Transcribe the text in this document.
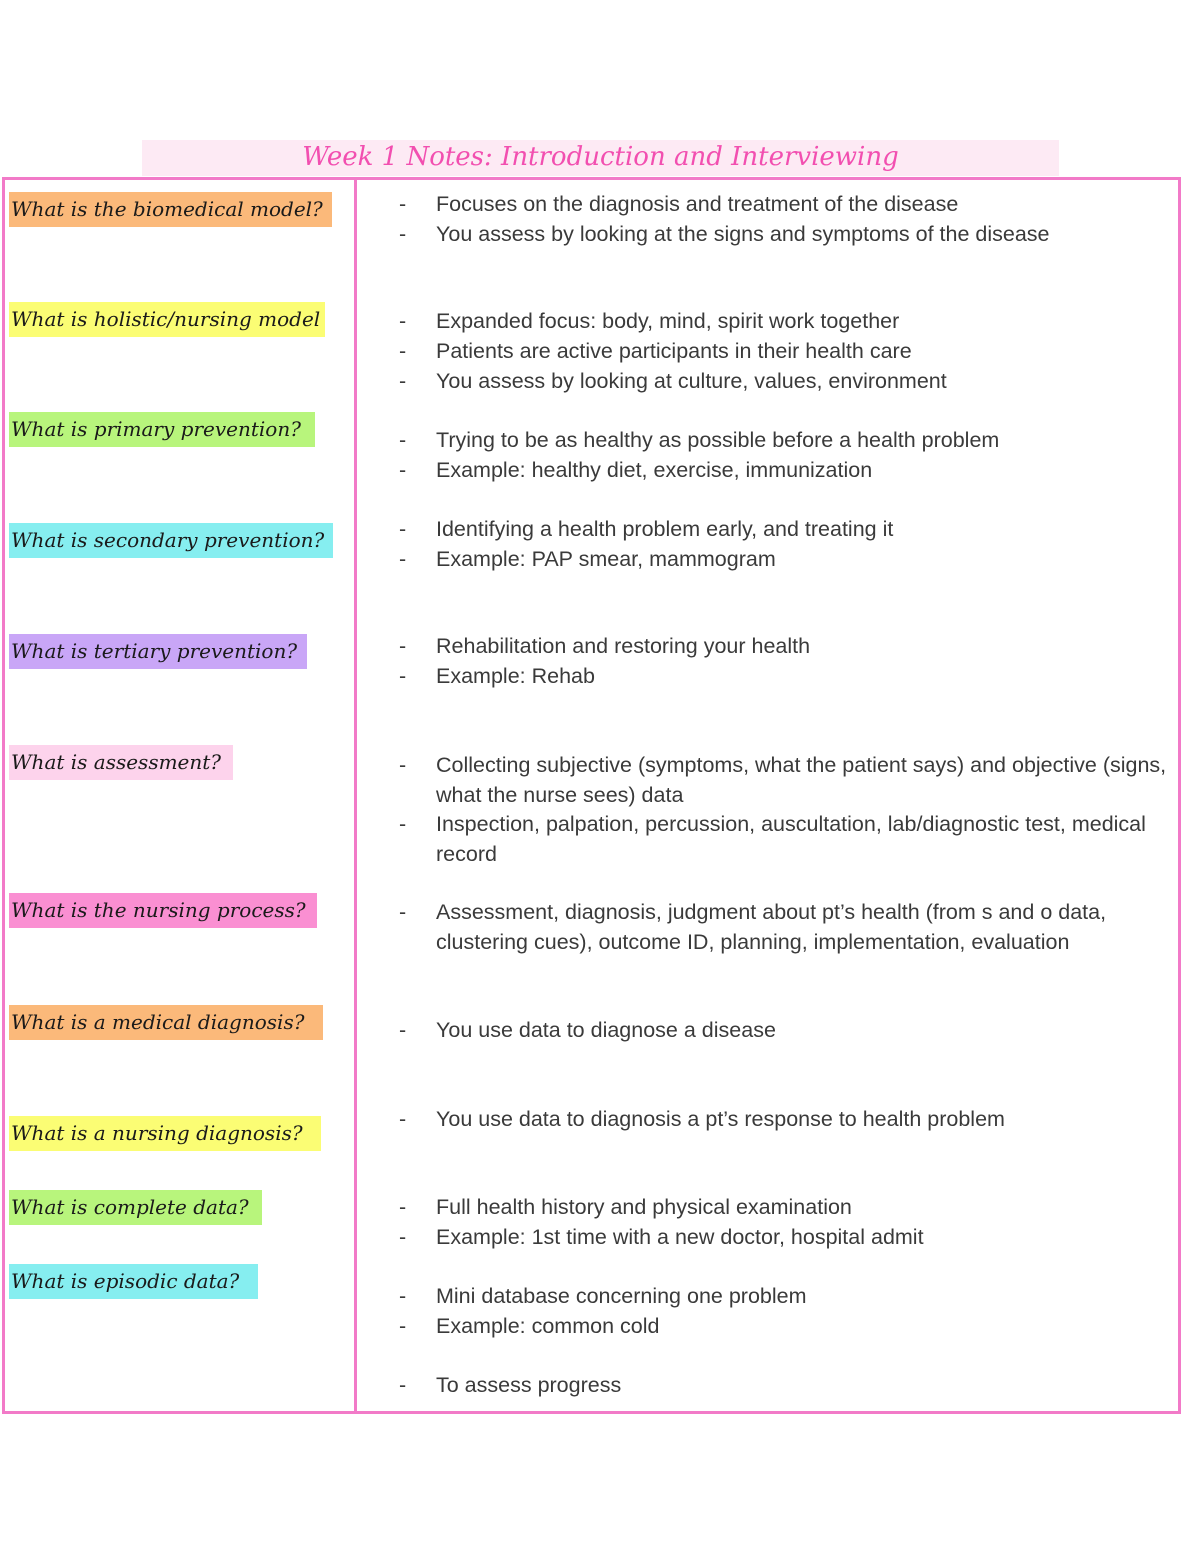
Week 1 Notes: Introduction and Interviewing
What is the biomedical model?
What is holistic/nursing model
What is primary prevention?
What is secondary prevention?
What is tertiary prevention?
What is assessment?
What is the nursing process?
What is a medical diagnosis?
What is a nursing diagnosis?
What is complete data?
What is episodic data?
- Focuses on the diagnosis and treatment of the disease
- You assess by looking at the signs and symptoms of the disease
- Expanded focus: body, mind, spirit work together
- Patients are active participants in their health care
- You assess by looking at culture, values, environment
- Trying to be as healthy as possible before a health problem
- Example: healthy diet, exercise, immunization
- Identifying a health problem early, and treating it
- Example: PAP smear, mammogram
- Rehabilitation and restoring your health
- Example: Rehab
- Collecting subjective (symptoms, what the patient says) and objective (signs, what the nurse sees) data
- Inspection, palpation, percussion, auscultation, lab/diagnostic test, medical record
- Assessment, diagnosis, judgment about pt’s health (from s and o data, clustering cues), outcome ID, planning, implementation, evaluation
- You use data to diagnose a disease
- You use data to diagnosis a pt’s response to health problem
- Full health history and physical examination
- Example: 1st time with a new doctor, hospital admit
- Mini database concerning one problem
- Example: common cold
- To assess progress
